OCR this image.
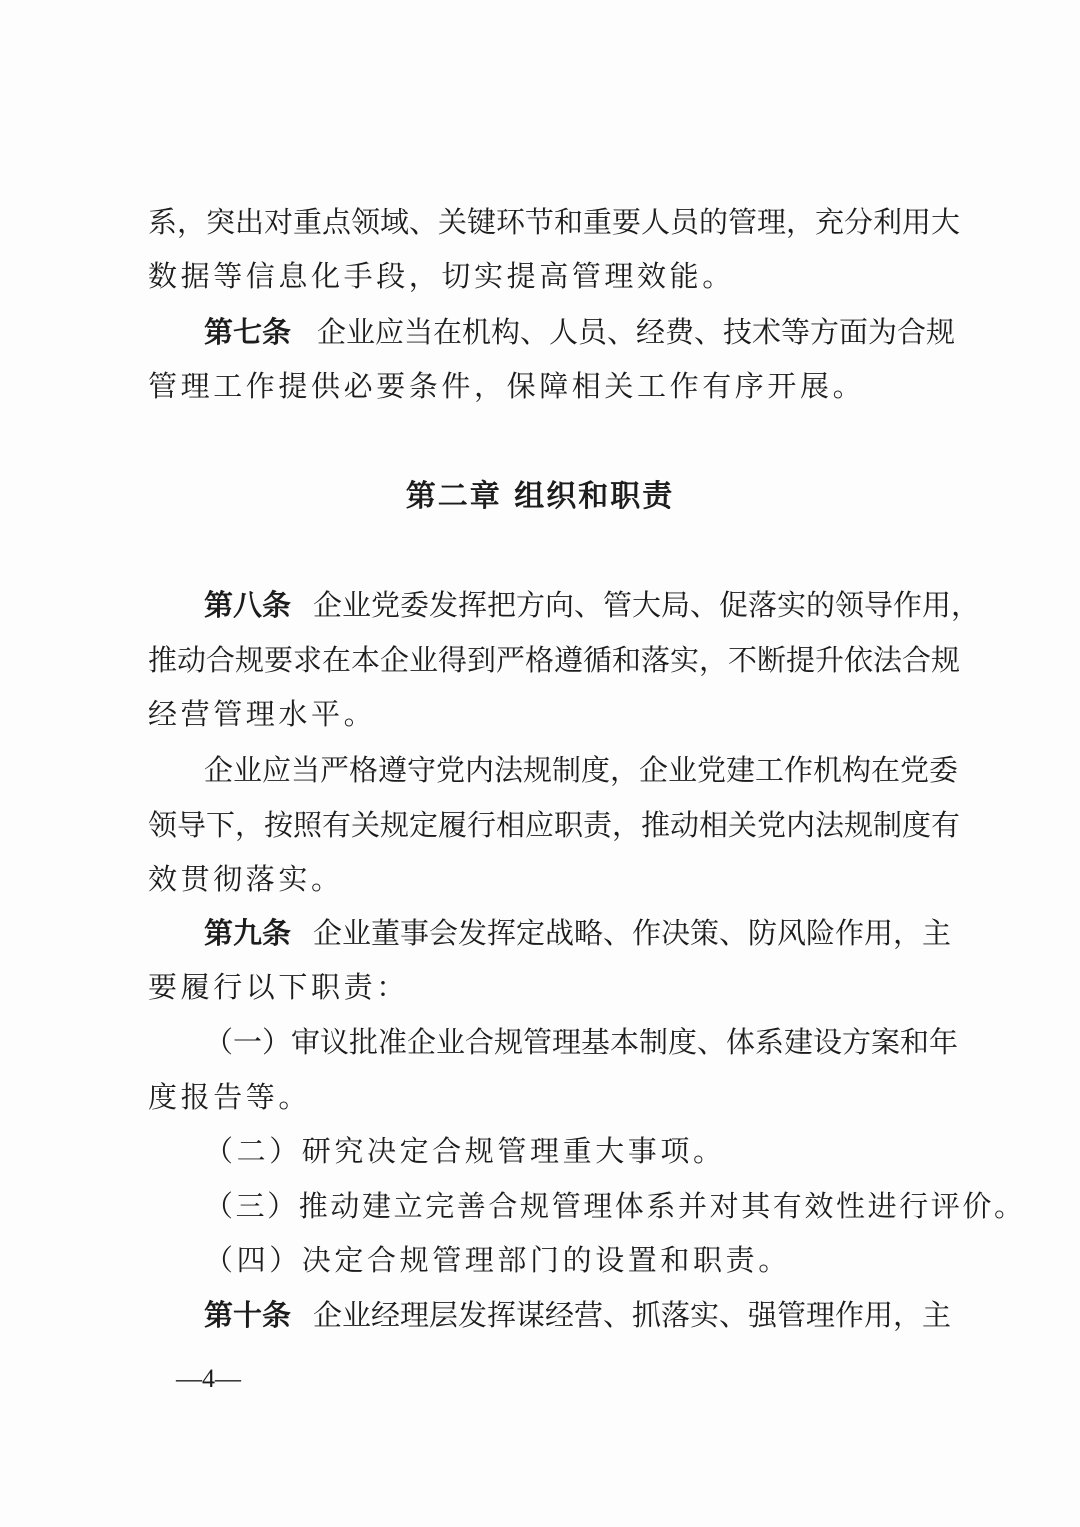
系，突出对重点领域、关键环节和重要人员的管理，充分利用大
数据等信息化手段，切实提高管理效能。
第七条 企业应当在机构、人员、经费、技术等方面为合规
管理工作提供必要条件，保障相关工作有序开展。
第二章 组织和职责
第八条 企业党委发挥把方向、管大局、促落实的领导作用，
推动合规要求在本企业得到严格遵循和落实，不断提升依法合规
经营管理水平。
企业应当严格遵守党内法规制度，企业党建工作机构在党委
领导下，按照有关规定履行相应职责，推动相关党内法规制度有
效贯彻落实。
第九条 企业董事会发挥定战略、作决策、防风险作用，主
要履行以下职责：
（一）审议批准企业合规管理基本制度、体系建设方案和年
度报告等。
（二）研究决定合规管理重大事项。
（三）推动建立完善合规管理体系并对其有效性进行评价。
（四）决定合规管理部门的设置和职责。
第十条 企业经理层发挥谋经营、抓落实、强管理作用，主
—4—
